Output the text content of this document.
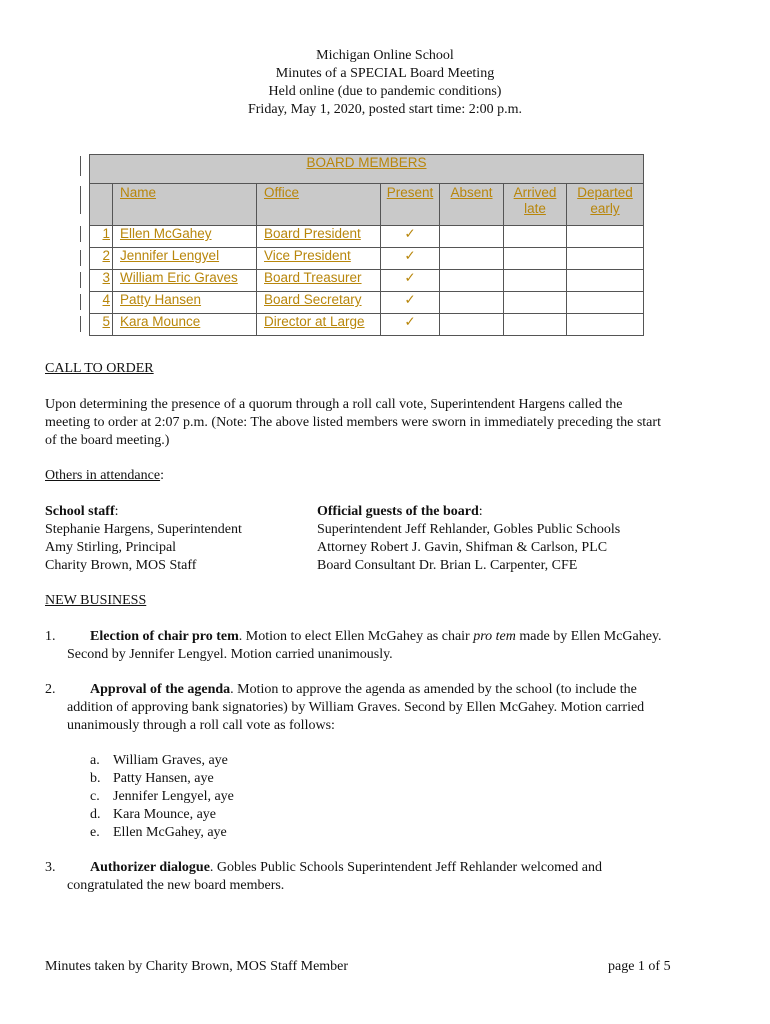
Michigan Online School
Minutes of a SPECIAL Board Meeting
Held online (due to pandemic conditions)
Friday, May 1, 2020, posted start time: 2:00 p.m.
BOARD MEMBERS						
	Name	Office	Present	Absent	Arrived late	Departed early
1	Ellen McGahey	Board President	✓			
2	Jennifer Lengyel	Vice President	✓			
3	William Eric Graves	Board Treasurer	✓			
4	Patty Hansen	Board Secretary	✓			
5	Kara Mounce	Director at Large	✓			
CALL TO ORDER
Upon determining the presence of a quorum through a roll call vote, Superintendent Hargens called the meeting to order at 2:07 p.m. (Note: The above listed members were sworn in immediately preceding the start of the board meeting.)
Others in attendance:
School staff:
Stephanie Hargens, Superintendent
Amy Stirling, Principal
Charity Brown, MOS Staff
Official guests of the board:
Superintendent Jeff Rehlander, Gobles Public Schools
Attorney Robert J. Gavin, Shifman & Carlson, PLC
Board Consultant Dr. Brian L. Carpenter, CFE
NEW BUSINESS
1.	Election of chair pro tem. Motion to elect Ellen McGahey as chair pro tem made by Ellen McGahey. Second by Jennifer Lengyel. Motion carried unanimously.
2.	Approval of the agenda. Motion to approve the agenda as amended by the school (to include the addition of approving bank signatories) by William Graves. Second by Ellen McGahey. Motion carried unanimously through a roll call vote as follows:
a. William Graves, aye
b. Patty Hansen, aye
c. Jennifer Lengyel, aye
d. Kara Mounce, aye
e. Ellen McGahey, aye
3.	Authorizer dialogue. Gobles Public Schools Superintendent Jeff Rehlander welcomed and congratulated the new board members.
Minutes taken by Charity Brown, MOS Staff Member	page 1 of 5
